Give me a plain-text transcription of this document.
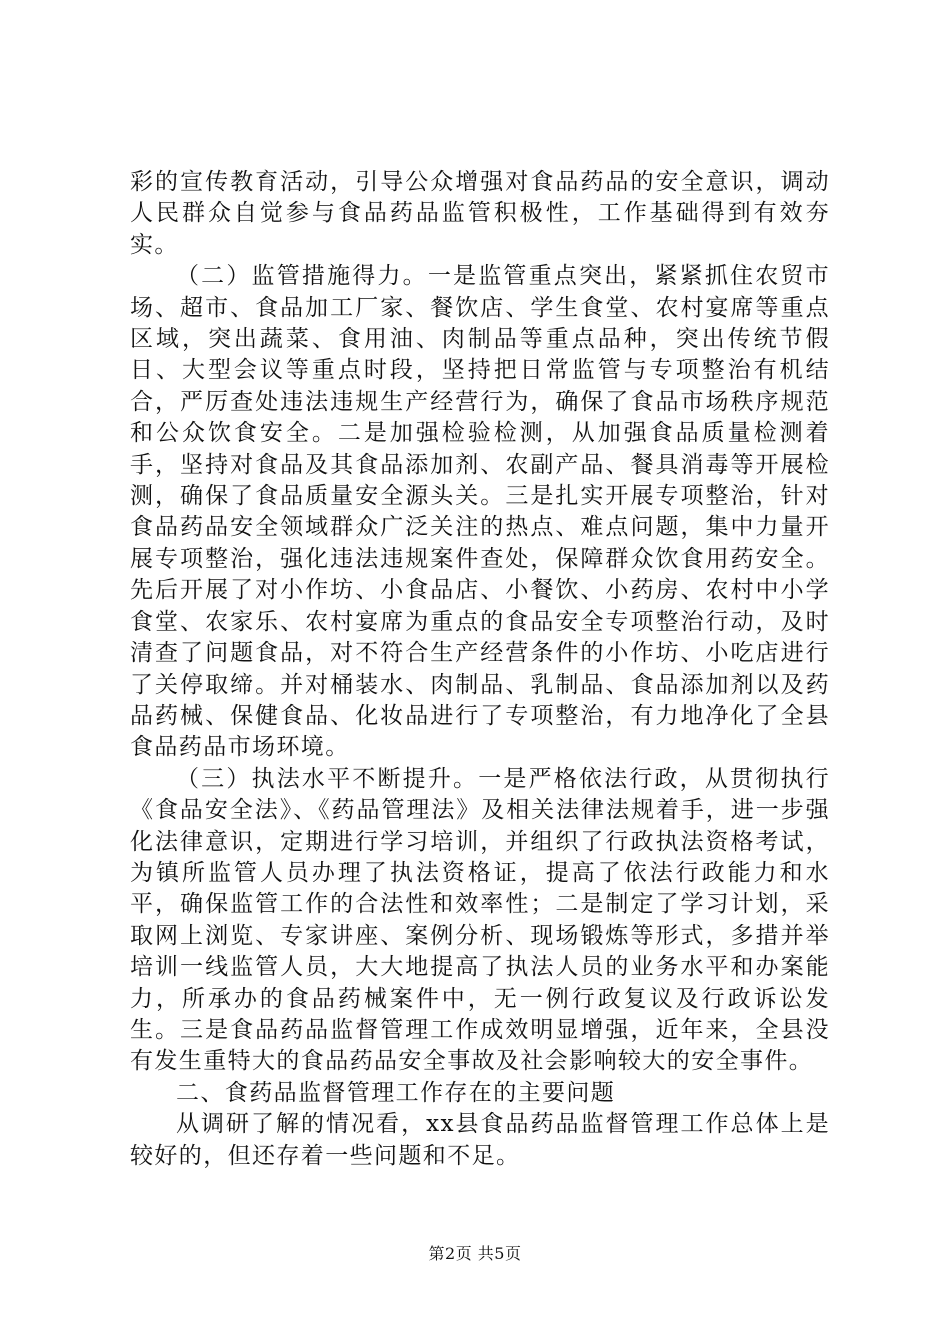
彩的宣传教育活动，引导公众增强对食品药品的安全意识，调动人民群众自觉参与食品药品监管积极性，工作基础得到有效夯实。

（二）监管措施得力。一是监管重点突出，紧紧抓住农贸市场、超市、食品加工厂家、餐饮店、学生食堂、农村宴席等重点区域，突出蔬菜、食用油、肉制品等重点品种，突出传统节假日、大型会议等重点时段，坚持把日常监管与专项整治有机结合，严厉查处违法违规生产经营行为，确保了食品市场秩序规范和公众饮食安全。二是加强检验检测，从加强食品质量检测着手，坚持对食品及其食品添加剂、农副产品、餐具消毒等开展检测，确保了食品质量安全源头关。三是扎实开展专项整治，针对食品药品安全领域群众广泛关注的热点、难点问题，集中力量开展专项整治，强化违法违规案件查处，保障群众饮食用药安全。先后开展了对小作坊、小食品店、小餐饮、小药房、农村中小学食堂、农家乐、农村宴席为重点的食品安全专项整治行动，及时清查了问题食品，对不符合生产经营条件的小作坊、小吃店进行了关停取缔。并对桶装水、肉制品、乳制品、食品添加剂以及药品药械、保健食品、化妆品进行了专项整治，有力地净化了全县食品药品市场环境。

（三）执法水平不断提升。一是严格依法行政，从贯彻执行《食品安全法》、《药品管理法》及相关法律法规着手，进一步强化法律意识，定期进行学习培训，并组织了行政执法资格考试，为镇所监管人员办理了执法资格证，提高了依法行政能力和水平，确保监管工作的合法性和效率性；二是制定了学习计划，采取网上浏览、专家讲座、案例分析、现场锻炼等形式，多措并举培训一线监管人员，大大地提高了执法人员的业务水平和办案能力，所承办的食品药械案件中，无一例行政复议及行政诉讼发生。三是食品药品监督管理工作成效明显增强，近年来，全县没有发生重特大的食品药品安全事故及社会影响较大的安全事件。

二、食药品监督管理工作存在的主要问题

从调研了解的情况看，xx县食品药品监督管理工作总体上是较好的，但还存着一些问题和不足。

第2页 共5页
